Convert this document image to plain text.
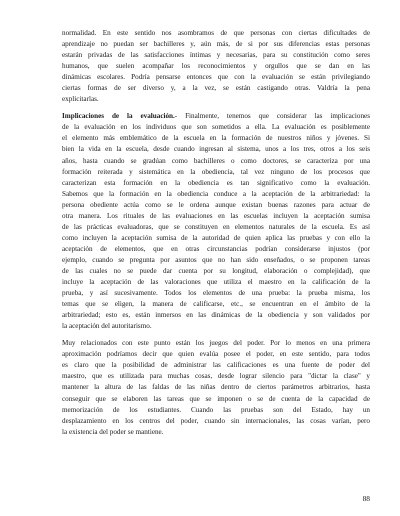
normalidad. En este sentido nos asombramos de que personas con ciertas dificultades de
aprendizaje no puedan ser bachilleres y, aún más, de si por sus diferencias estas personas
estarán privadas de las satisfacciones íntimas y necesarias, para su constitución como seres
humanos, que suelen acompañar los reconocimientos y orgullos que se dan en las
dinámicas escolares. Podría pensarse entonces que con la evaluación se están privilegiando
ciertas formas de ser diverso y, a la vez, se están castigando otras. Valdría la pena
explicitarlas.

Implicaciones de la evaluación.- Finalmente, tenemos que considerar las implicaciones
de la evaluación en los individuos que son sometidos a ella. La evaluación es posiblemente
el elemento más emblemático de la escuela en la formación de nuestros niños y jóvenes. Si
bien la vida en la escuela, desde cuando ingresan al sistema, unos a los tres, otros a los seis
años, hasta cuando se gradúan como bachilleres o como doctores, se caracteriza por una
formación reiterada y sistemática en la obediencia, tal vez ninguno de los procesos que
caracterizan esta formación en la obediencia es tan significativo como la evaluación.
Sabemos que la formación en la obediencia conduce a la aceptación de la arbitrariedad: la
persona obediente actúa como se le ordena aunque existan buenas razones para actuar de
otra manera. Los rituales de las evaluaciones en las escuelas incluyen la aceptación sumisa
de las prácticas evaluadoras, que se constituyen en elementos naturales de la escuela. Es así
como incluyen la aceptación sumisa de la autoridad de quien aplica las pruebas y con ello la
aceptación de elementos, que en otras circunstancias podrían considerarse injustos (por
ejemplo, cuando se pregunta por asuntos que no han sido enseñados, o se proponen tareas
de las cuales no se puede dar cuenta por su longitud, elaboración o complejidad), que
incluye la aceptación de las valoraciones que utiliza el maestro en la calificación de la
prueba, y así sucesivamente. Todos los elementos de una prueba: la prueba misma, los
temas que se eligen, la manera de calificarse, etc., se encuentran en el ámbito de la
arbitrariedad; esto es, están inmersos en las dinámicas de la obediencia y son validados por
la aceptación del autoritarismo.

Muy relacionados con este punto están los juegos del poder. Por lo menos en una primera
aproximación podríamos decir que quien evalúa posee el poder, en este sentido, para todos
es claro que la posibilidad de administrar las calificaciones es una fuente de poder del
maestro, que es utilizada para muchas cosas, desde lograr silencio para "dictar la clase" y
mantener la altura de las faldas de las niñas dentro de ciertos parámetros arbitrarios, hasta
conseguir que se elaboren las tareas que se imponen o se de cuenta de la capacidad de
memorización de los estudiantes. Cuando las pruebas son del Estado, hay un
desplazamiento en los centros del poder, cuando sin internacionales, las cosas varían, pero
la existencia del poder se mantiene.

88
